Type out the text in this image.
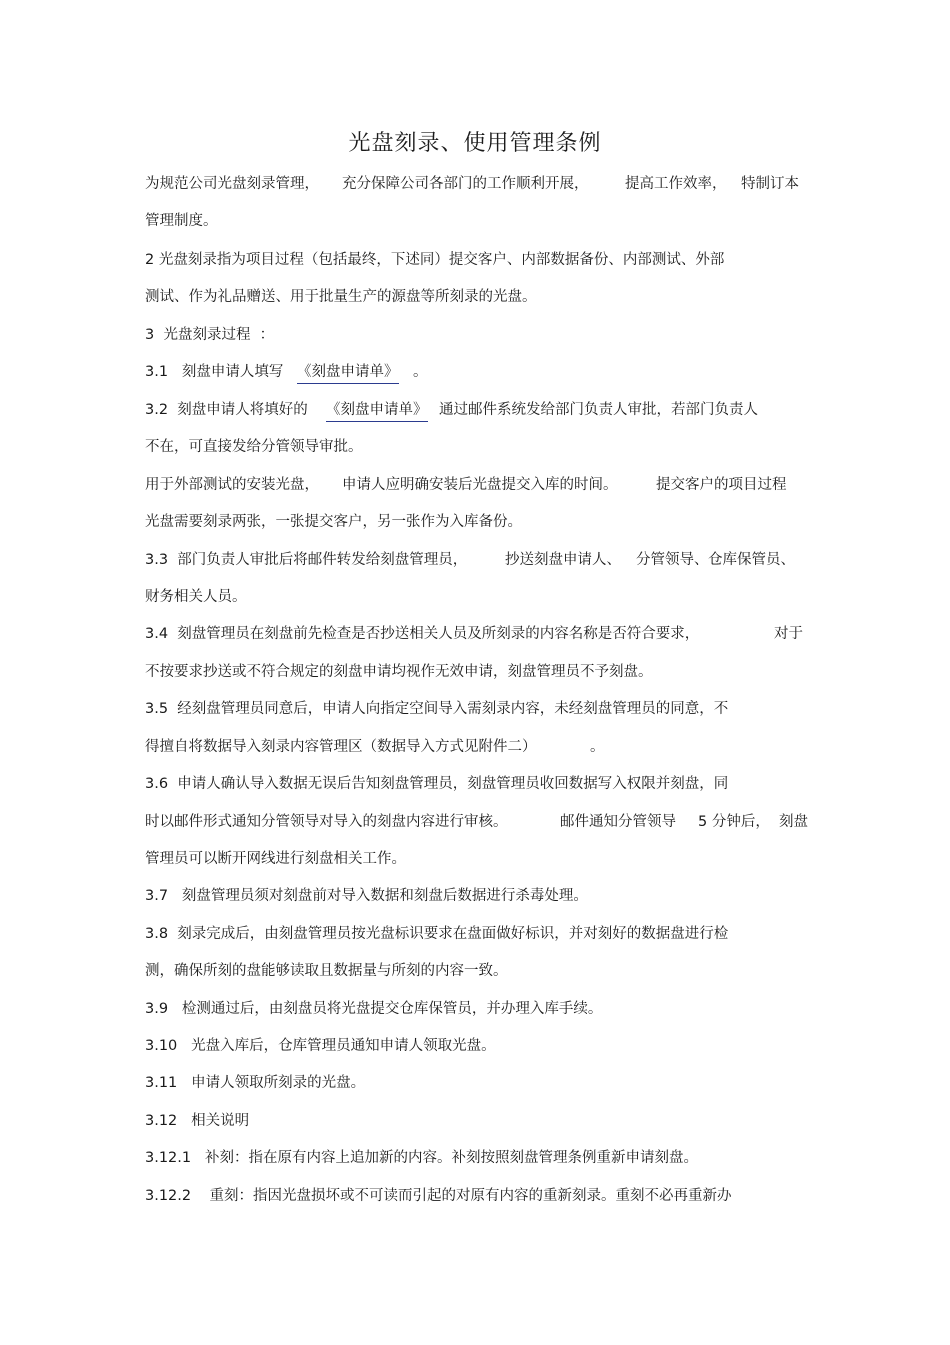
光盘刻录、使用管理条例
为规范公司光盘刻录管理， 充分保障公司各部门的工作顺利开展，	提高工作效率， 特制订本
管理制度。
2 光盘刻录指为项目过程（包括最终，下述同）提交客户、内部数据备份、内部测试、外部
测试、作为礼品赠送、用于批量生产的源盘等所刻录的光盘。
3  光盘刻录过程  ：
3.1   刻盘申请人填写 《刻盘申请单》 。
3.2  刻盘申请人将填好的 《刻盘申请单》 通过邮件系统发给部门负责人审批，若部门负责人
不在，可直接发给分管领导审批。
用于外部测试的安装光盘， 申请人应明确安装后光盘提交入库的时间。	提交客户的项目过程
光盘需要刻录两张，一张提交客户，另一张作为入库备份。
3.3  部门负责人审批后将邮件转发给刻盘管理员，	抄送刻盘申请人、 分管领导、 仓库保管员、
财务相关人员。
3.4  刻盘管理员在刻盘前先检查是否抄送相关人员及所刻录的内容名称是否符合要求，	对于
不按要求抄送或不符合规定的刻盘申请均视作无效申请，刻盘管理员不予刻盘。
3.5  经刻盘管理员同意后，申请人向指定空间导入需刻录内容，未经刻盘管理员的同意，不
得擅自将数据导入刻录内容管理区（数据导入方式见附件二）	。
3.6  申请人确认导入数据无误后告知刻盘管理员，刻盘管理员收回数据写入权限并刻盘，同
时以邮件形式通知分管领导对导入的刻盘内容进行审核。	邮件通知分管领导 5 分钟后， 刻盘
管理员可以断开网线进行刻盘相关工作。
3.7   刻盘管理员须对刻盘前对导入数据和刻盘后数据进行杀毒处理。
3.8  刻录完成后，由刻盘管理员按光盘标识要求在盘面做好标识，并对刻好的数据盘进行检
测，确保所刻的盘能够读取且数据量与所刻的内容一致。
3.9   检测通过后，由刻盘员将光盘提交仓库保管员，并办理入库手续。
3.10   光盘入库后，仓库管理员通知申请人领取光盘。
3.11   申请人领取所刻录的光盘。
3.12   相关说明
3.12.1   补刻：指在原有内容上追加新的内容。补刻按照刻盘管理条例重新申请刻盘。
3.12.2    重刻：指因光盘损坏或不可读而引起的对原有内容的重新刻录。重刻不必再重新办
